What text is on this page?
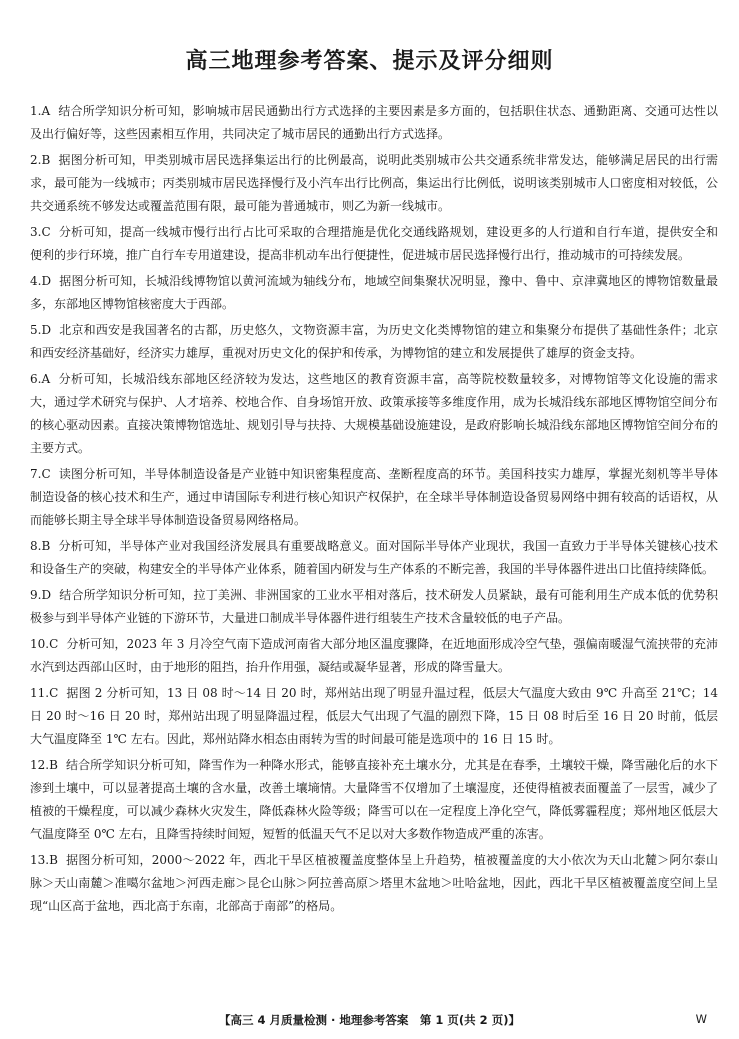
高三地理参考答案、提示及评分细则
1.A 结合所学知识分析可知，影响城市居民通勤出行方式选择的主要因素是多方面的，包括职住状态、通勤距离、交通可达性以及出行偏好等，这些因素相互作用，共同决定了城市居民的通勤出行方式选择。
2.B 据图分析可知，甲类别城市居民选择集运出行的比例最高，说明此类别城市公共交通系统非常发达，能够满足居民的出行需求，最可能为一线城市；丙类别城市居民选择慢行及小汽车出行比例高，集运出行比例低，说明该类别城市人口密度相对较低，公共交通系统不够发达或覆盖范围有限，最可能为普通城市，则乙为新一线城市。
3.C 分析可知，提高一线城市慢行出行占比可采取的合理措施是优化交通线路规划，建设更多的人行道和自行车道，提供安全和便利的步行环境，推广自行车专用道建设，提高非机动车出行便捷性，促进城市居民选择慢行出行，推动城市的可持续发展。
4.D 据图分析可知，长城沿线博物馆以黄河流域为轴线分布，地域空间集聚状况明显，豫中、鲁中、京津冀地区的博物馆数量最多，东部地区博物馆核密度大于西部。
5.D 北京和西安是我国著名的古都，历史悠久，文物资源丰富，为历史文化类博物馆的建立和集聚分布提供了基础性条件；北京和西安经济基础好，经济实力雄厚，重视对历史文化的保护和传承，为博物馆的建立和发展提供了雄厚的资金支持。
6.A 分析可知，长城沿线东部地区经济较为发达，这些地区的教育资源丰富，高等院校数量较多，对博物馆等文化设施的需求大，通过学术研究与保护、人才培养、校地合作、自身场馆开放、政策承接等多维度作用，成为长城沿线东部地区博物馆空间分布的核心驱动因素。直接决策博物馆选址、规划引导与扶持、大规模基础设施建设，是政府影响长城沿线东部地区博物馆空间分布的主要方式。
7.C 读图分析可知，半导体制造设备是产业链中知识密集程度高、垄断程度高的环节。美国科技实力雄厚，掌握光刻机等半导体制造设备的核心技术和生产，通过申请国际专利进行核心知识产权保护，在全球半导体制造设备贸易网络中拥有较高的话语权，从而能够长期主导全球半导体制造设备贸易网络格局。
8.B 分析可知，半导体产业对我国经济发展具有重要战略意义。面对国际半导体产业现状，我国一直致力于半导体关键核心技术和设备生产的突破，构建安全的半导体产业体系，随着国内研发与生产体系的不断完善，我国的半导体器件进出口比值持续降低。
9.D 结合所学知识分析可知，拉丁美洲、非洲国家的工业水平相对落后，技术研发人员紧缺，最有可能利用生产成本低的优势积极参与到半导体产业链的下游环节，大量进口制成半导体器件进行组装生产技术含量较低的电子产品。
10.C 分析可知，2023 年 3 月冷空气南下造成河南省大部分地区温度骤降，在近地面形成冷空气垫，强偏南暖湿气流挟带的充沛水汽到达西部山区时，由于地形的阻挡，抬升作用强，凝结或凝华显著，形成的降雪量大。
11.C 据图 2 分析可知，13 日 08 时～14 日 20 时，郑州站出现了明显升温过程，低层大气温度大致由 9℃ 升高至 21℃；14 日 20 时～16 日 20 时，郑州站出现了明显降温过程，低层大气出现了气温的剧烈下降，15 日 08 时后至 16 日 20 时前，低层大气温度降至 1℃ 左右。因此，郑州站降水相态由雨转为雪的时间最可能是选项中的 16 日 15 时。
12.B 结合所学知识分析可知，降雪作为一种降水形式，能够直接补充土壤水分，尤其是在春季，土壤较干燥，降雪融化后的水下渗到土壤中，可以显著提高土壤的含水量，改善土壤墒情。大量降雪不仅增加了土壤湿度，还使得植被表面覆盖了一层雪，减少了植被的干燥程度，可以减少森林火灾发生，降低森林火险等级；降雪可以在一定程度上净化空气，降低雾霾程度；郑州地区低层大气温度降至 0℃ 左右，且降雪持续时间短，短暂的低温天气不足以对大多数作物造成严重的冻害。
13.B 据图分析可知，2000～2022 年，西北干旱区植被覆盖度整体呈上升趋势，植被覆盖度的大小依次为天山北麓＞阿尔泰山脉＞天山南麓＞准噶尔盆地＞河西走廊＞昆仑山脉＞阿拉善高原＞塔里木盆地＞吐哈盆地，因此，西北干旱区植被覆盖度空间上呈现“山区高于盆地，西北高于东南，北部高于南部”的格局。
【高三 4 月质量检测 · 地理参考答案　第 1 页(共 2 页)】	W
